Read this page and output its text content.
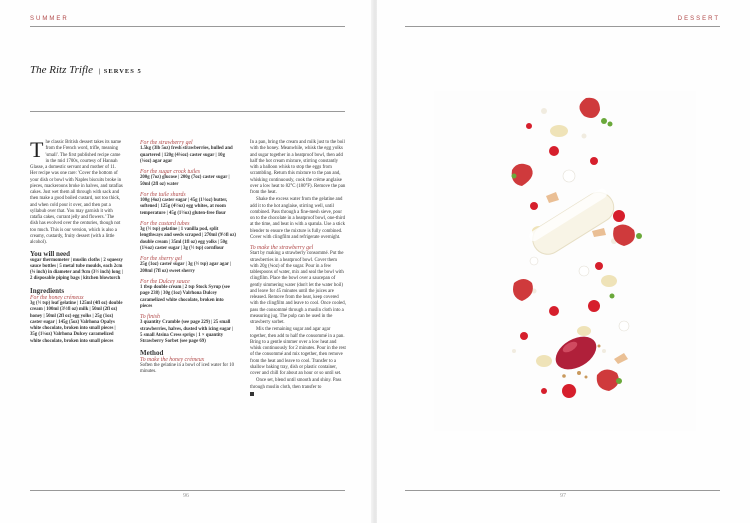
SUMMER
The Ritz Trifle | SERVES 5
T he classic British dessert takes its name from the French word, trifle, meaning 'small'. The first published recipe came in the mid 1700s, courtesy of Hannah Glasse, a domestic servant and mother of 11. Her recipe was one rare: 'Cover the bottom of your dish or bowl with Naples biscuits broke in pieces, mackeroons broke in halves, and ratafias cakes. Just wet them all through with sack and then make a good boiled custard, not too thick, and when cold pour it over, and then put a syllabub over that. You may garnish it with ratafia cakes, currant jelly and flowers.' The dish has evolved over the centuries, though not too much. This is our version, which is also a creamy, custardy, fruity dessert (with a little alcohol).
You will need
sugar thermometer | muslin cloths | 2 squeezy sauce bottles | 5 metal tube moulds, each 2cm (¾ inch) in diameter and 9cm (3½ inch) long | 2 disposable piping bags | kitchen blowtorch
Ingredients
For the honey crémeux
3g (½ tsp) leaf gelatine | 125ml (4fl oz) double cream | 100ml (3½fl oz) milk | 50ml (2fl oz) honey | 50ml (2fl oz) egg yolks | 25g (1oz) caster sugar | 145g (5oz) Valrhona Opalys white chocolate, broken into small pieces | 35g (1¼oz) Valrhona Dulcey caramelized white chocolate, broken into small pieces
For the strawberry gel
1.5kg (3lb 5oz) fresh strawberries, hulled and quartered | 120g (4¼oz) caster sugar | 10g (¼oz) agar agar
For the sugar crock tuiles
200g (7oz) glucose | 200g (7oz) caster sugar | 50ml (2fl oz) water
For the tuile shards
100g (4oz) caster sugar | 45g (1½oz) butter, softened | 125g (4½oz) egg whites, at room temperature | 45g (1½oz) gluten-free flour
For the custard tubes
3g (½ tsp) gelatine | 1 vanilla pod, split lengthways and seeds scraped | 270ml (9½fl oz) double cream | 35ml (1fl oz) egg yolks | 50g (1¾oz) caster sugar | 3g (½ tsp) cornflour
For the sherry gel
25g (1oz) caster sugar | 3g (½ tsp) agar agar | 200ml (7fl oz) sweet sherry
For the Dulcey sauce
1 tbsp double cream | 2 tsp Stock Syrup (see page 238) | 30g (1oz) Valrhona Dulcey caramelized white chocolate, broken into pieces
To finish
3 quantity Cramble (see page 229) | 25 small strawberries, halves, dusted with icing sugar | 5 small Atsina Cress sprigs | 1 × quantity Strawberry Sorbet (see page 69)
Method
To make the honey crémeux
Soften the gelatine in a bowl of iced water for 10 minutes.
In a pan, bring the cream and milk just to the boil with the honey. Meanwhile, whisk the egg yolks and sugar together in a heatproof bowl, then add half the hot cream mixture, stirring constantly with a balloon whisk to stop the eggs from scrambling. Return this mixture to the pan and, whisking continuously, cook the crème anglaise over a low heat to 82°C (180°F). Remove the pan from the heat.
Shake the excess water from the gelatine and add it to the hot anglaise, stirring well, until combined. Pass through a fine-mesh sieve, pour on to the chocolate in a heatproof bowl, one-third at the time, and beat in with a spatula. Use a stick blender to ensure the mixture is fully combined. Cover with clingfilm and refrigerate overnight.
To make the strawberry gel
Start by making a strawberry consommé. Put the strawberries in a heatproof bowl. Cover them with 20g (¾oz) of the sugar. Pour in a few tablespoons of water, mix and seal the bowl with clingfilm. Place the bowl over a saucepan of gently simmering water (don't let the water boil) and leave for 45 minutes until the juices are released. Remove from the heat, keep covered with the clingfilm and leave to cool. Once cooled, pass the consommé through a muslin cloth into a measuring jug. The pulp can be used in the strawberry sorbet.
Mix the remaining sugar and agar agar together, then add to half the consommé in a pan. Bring to a gentle simmer over a low heat and whisk continuously for 2 minutes. Pour in the rest of the consommé and mix together, then remove from the heat and leave to cool. Transfer to a shallow baking tray, dish or plastic container, cover and chill for about an hour or so until set.
Once set, blend until smooth and shiny. Pass through muslin cloth, then transfer to
96
DESSERT
97
